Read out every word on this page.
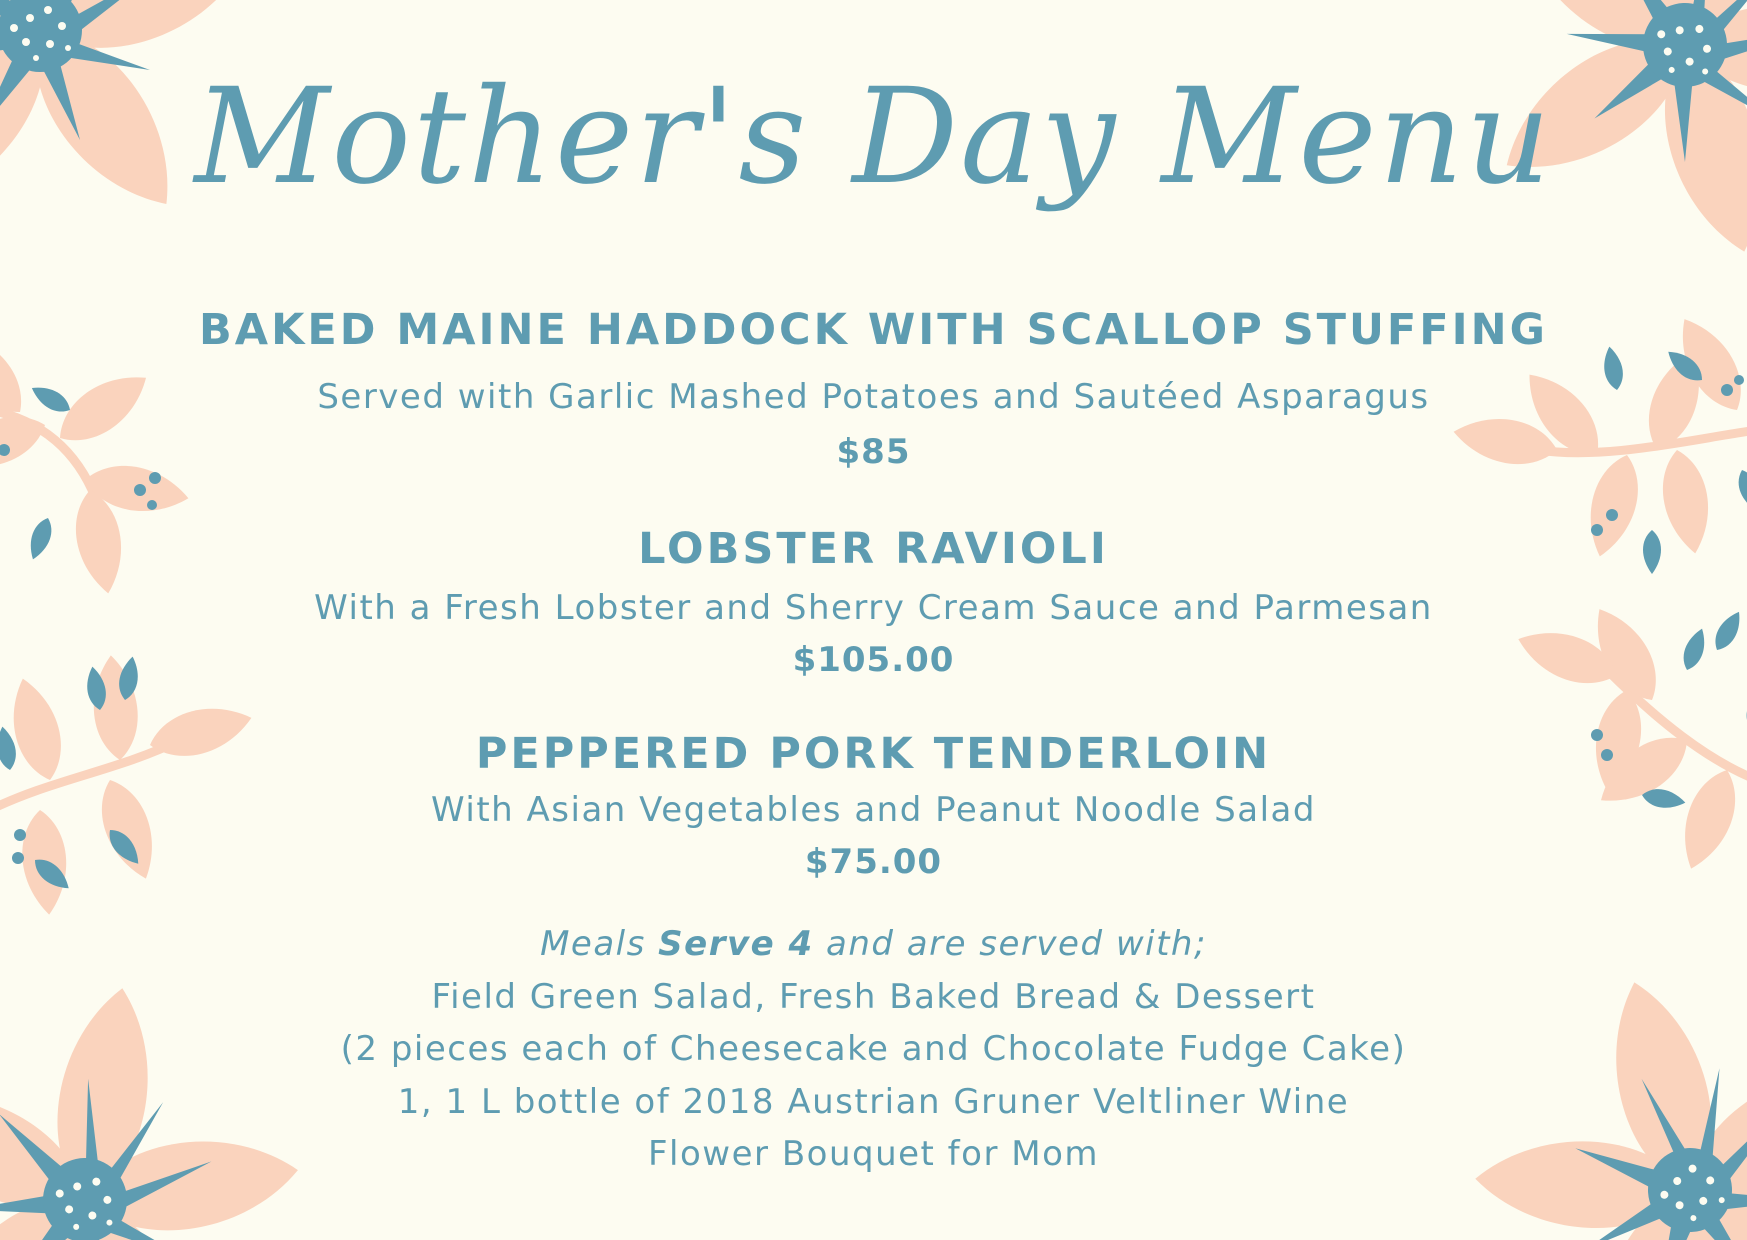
Mother's Day Menu
BAKED MAINE HADDOCK WITH SCALLOP STUFFING
Served with Garlic Mashed Potatoes and Sautéed Asparagus
$85
LOBSTER RAVIOLI
With a Fresh Lobster and Sherry Cream Sauce and Parmesan
$105.00
PEPPERED PORK TENDERLOIN
With Asian Vegetables and Peanut Noodle Salad
$75.00
Meals Serve 4 and are served with;
Field Green Salad, Fresh Baked Bread & Dessert
(2 pieces each of Cheesecake and Chocolate Fudge Cake)
1, 1 L bottle of 2018 Austrian Gruner Veltliner Wine
Flower Bouquet for Mom
